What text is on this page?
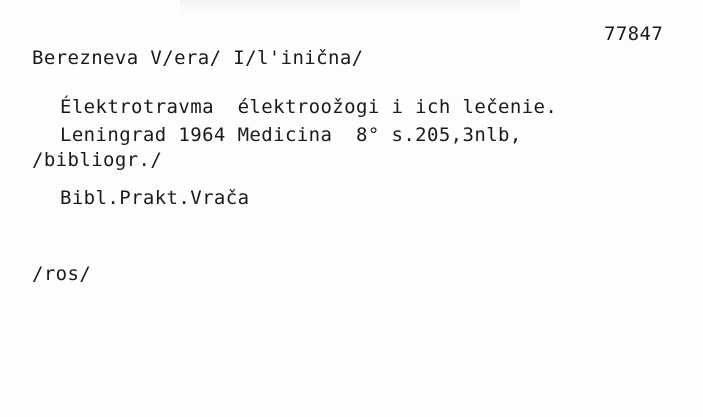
77847
Berezneva V/era/ I/l'inična/
Élektrotravma  élektroožogi i ich lečenie.
Leningrad 1964 Medicina  8° s.205,3nlb,
/bibliogr./
Bibl.Prakt.Vrača
/ros/
